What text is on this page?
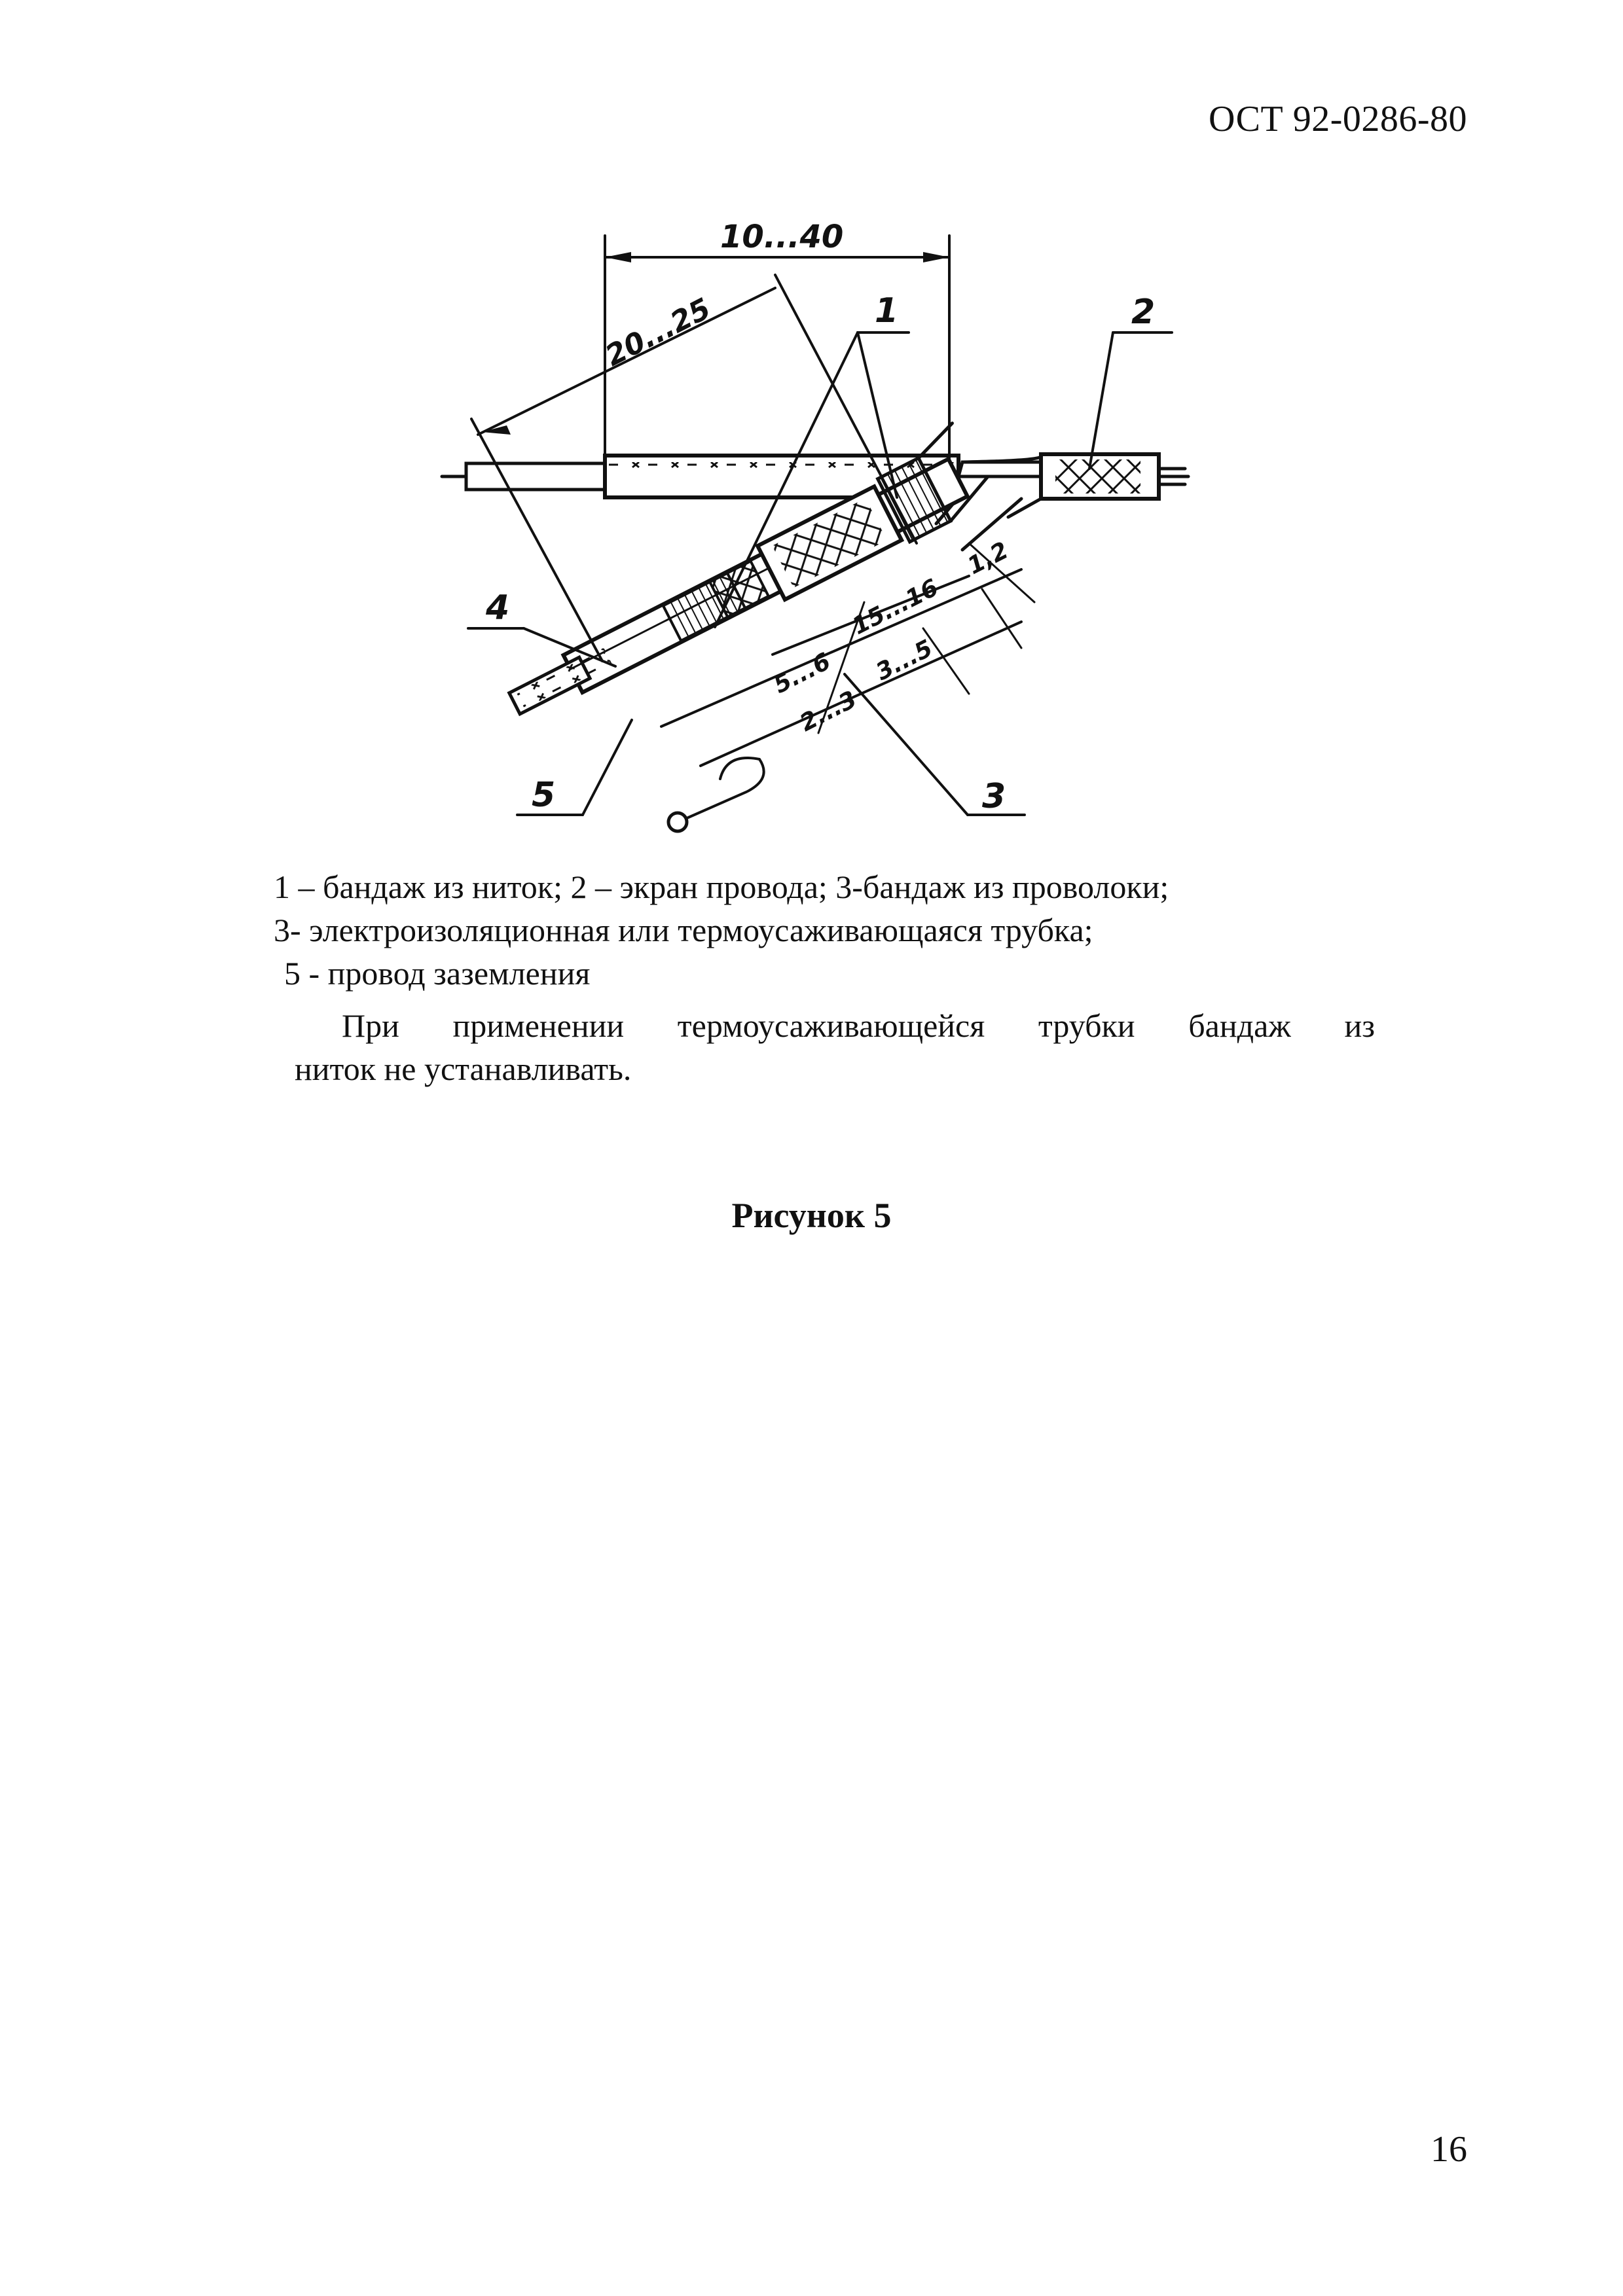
ОСТ 92-0286-80
10...40
20...25
1,2
15...16
3...5
5...6
2...3
1	2
3
4
5
1 – бандаж из ниток; 2 – экран провода; 3-бандаж из проволоки;
3- электроизоляционная или термоусаживающаяся трубка;
5 - провод заземления
При применении термоусаживающейся трубки бандаж из
ниток не устанавливать.
Рисунок 5
16
